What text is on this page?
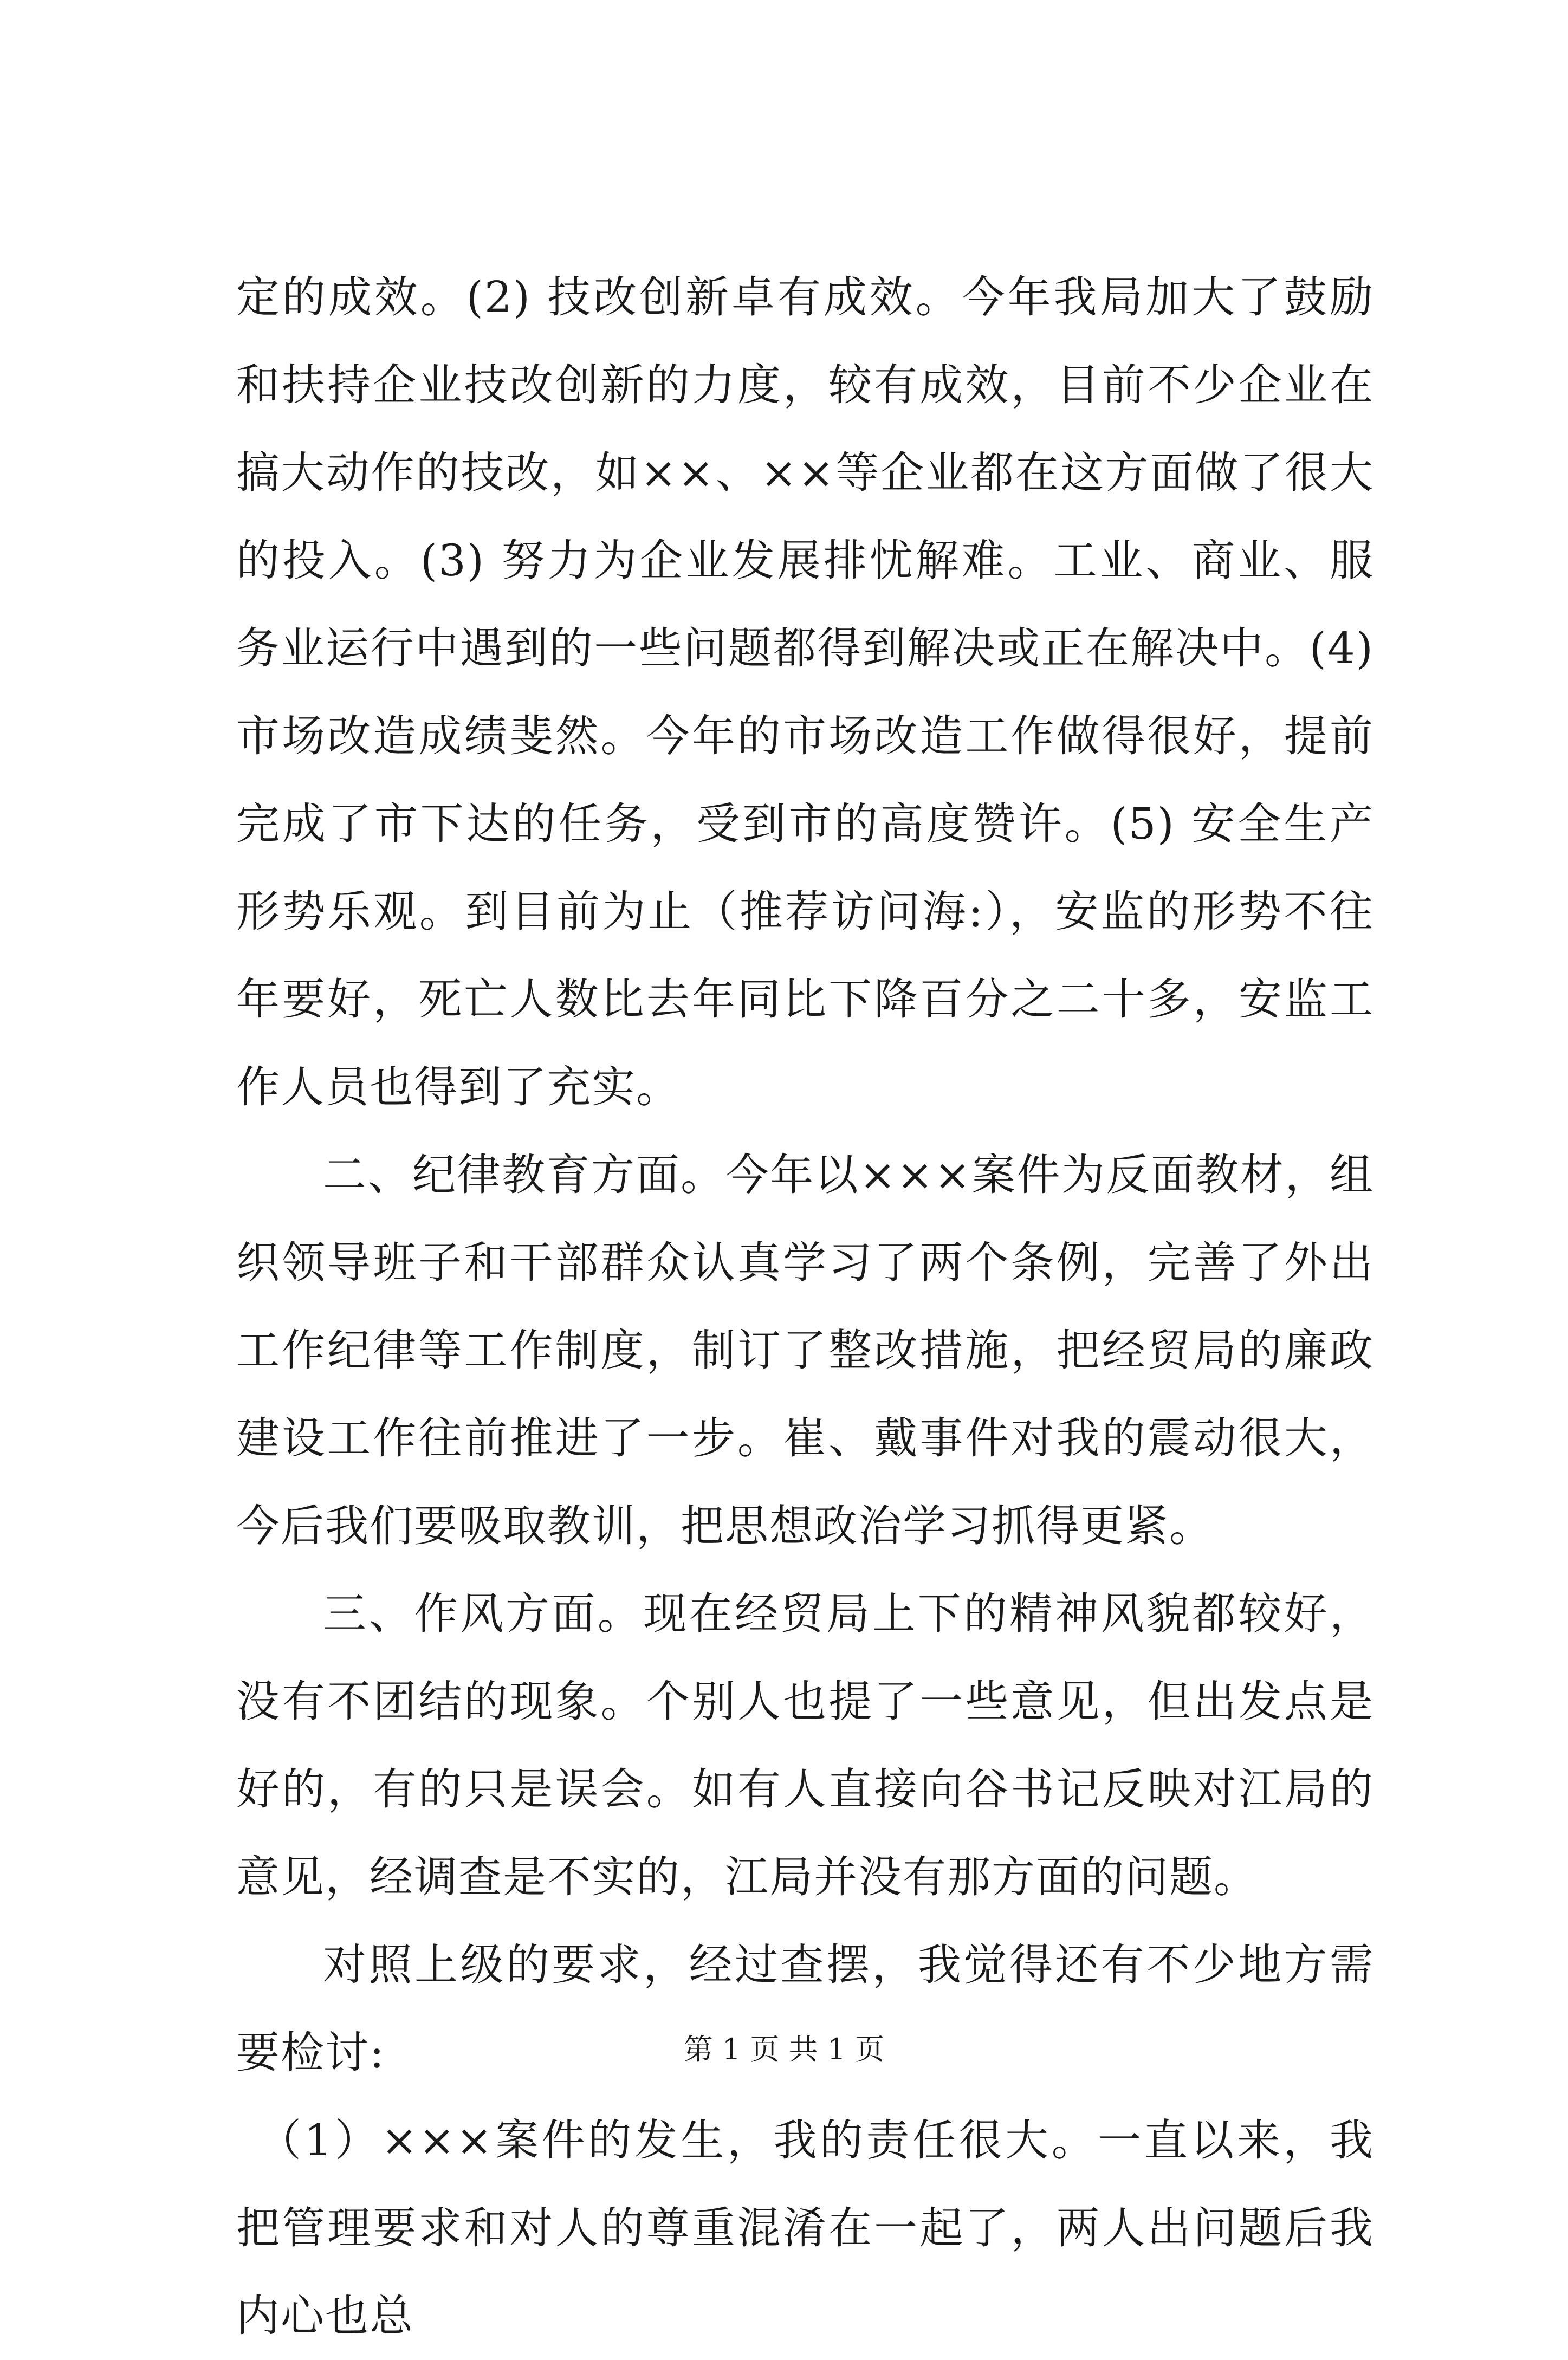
定的成效。(2) 技改创新卓有成效。今年我局加大了鼓励和扶持企业技改创新的力度，较有成效，目前不少企业在搞大动作的技改，如××、××等企业都在这方面做了很大的投入。(3) 努力为企业发展排忧解难。工业、商业、服务业运行中遇到的一些问题都得到解决或正在解决中。(4) 市场改造成绩斐然。今年的市场改造工作做得很好，提前完成了市下达的任务，受到市的高度赞许。(5) 安全生产形势乐观。到目前为止（推荐访问海:），安监的形势不往年要好，死亡人数比去年同比下降百分之二十多，安监工作人员也得到了充实。

二、纪律教育方面。今年以×××案件为反面教材，组织领导班子和干部群众认真学习了两个条例，完善了外出工作纪律等工作制度，制订了整改措施，把经贸局的廉政建设工作往前推进了一步。崔、戴事件对我的震动很大，今后我们要吸取教训，把思想政治学习抓得更紧。

三、作风方面。现在经贸局上下的精神风貌都较好，没有不团结的现象。个别人也提了一些意见，但出发点是好的，有的只是误会。如有人直接向谷书记反映对江局的意见，经调查是不实的，江局并没有那方面的问题。

对照上级的要求，经过查摆，我觉得还有不少地方需要检讨:

（1）×××案件的发生，我的责任很大。一直以来，我把管理要求和对人的尊重混淆在一起了，两人出问题后我内心也总

第 1 页 共 1 页
